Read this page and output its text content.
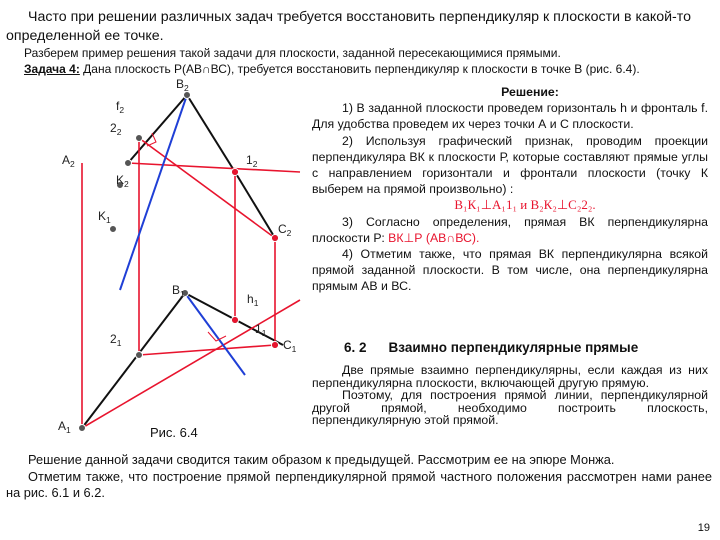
Часто при решении различных задач требуется восстановить перпендикуляр к плоскости в какой-то определенной ее точке.
Разберем пример решения такой задачи для плоскости, заданной пересекающимися прямыми.
Задача 4: Дана плоскость Р(АВ∩ВС), требуется восстановить перпендикуляр к плоскости в точке В (рис. 6.4).
$B_2$
$f_2$
$2_2$
$A_2$	$1_2$
$K_2$
$K_1$
$C_2$
$B_1$	$h_1$
$1_1$
$C_1$
$2_1$
$A_1$	Рис. 6.4
Решение:

1) В заданной плоскости проведем горизонталь h и фронталь f. Для удобства проведем их через точки А и С плоскости.

2) Используя графический признак, проводим проекции перпендикуляра ВК к плоскости Р, которые составляют прямые углы с направлением горизонтали и фронтали плоскости (точку К выберем на прямой произвольно) :

В₁К₁⊥А₁1₁ и В₂К₂⊥С₂2₂.

3) Согласно определения, прямая ВК перпендикулярна плоскости Р: ВК⊥Р (АВ∩ВС).

4) Отметим также, что прямая ВК перпендикулярна всякой прямой заданной плоскости. В том числе, она перпендикулярна прямым АВ и ВС.

6. 2 Взаимно перпендикулярные прямые

Две прямые взаимно перпендикулярны, если каждая из них перпендикулярна плоскости, включающей другую прямую.

Поэтому, для построения прямой линии, перпендикулярной другой прямой, необходимо построить плоскость, перпендикулярную этой прямой.

Решение данной задачи сводится таким образом к предыдущей. Рассмотрим ее на эпюре Монжа.

Отметим также, что построение прямой перпендикулярной прямой частного положения рассмотрен нами ранее на рис. 6.1 и 6.2.

19
